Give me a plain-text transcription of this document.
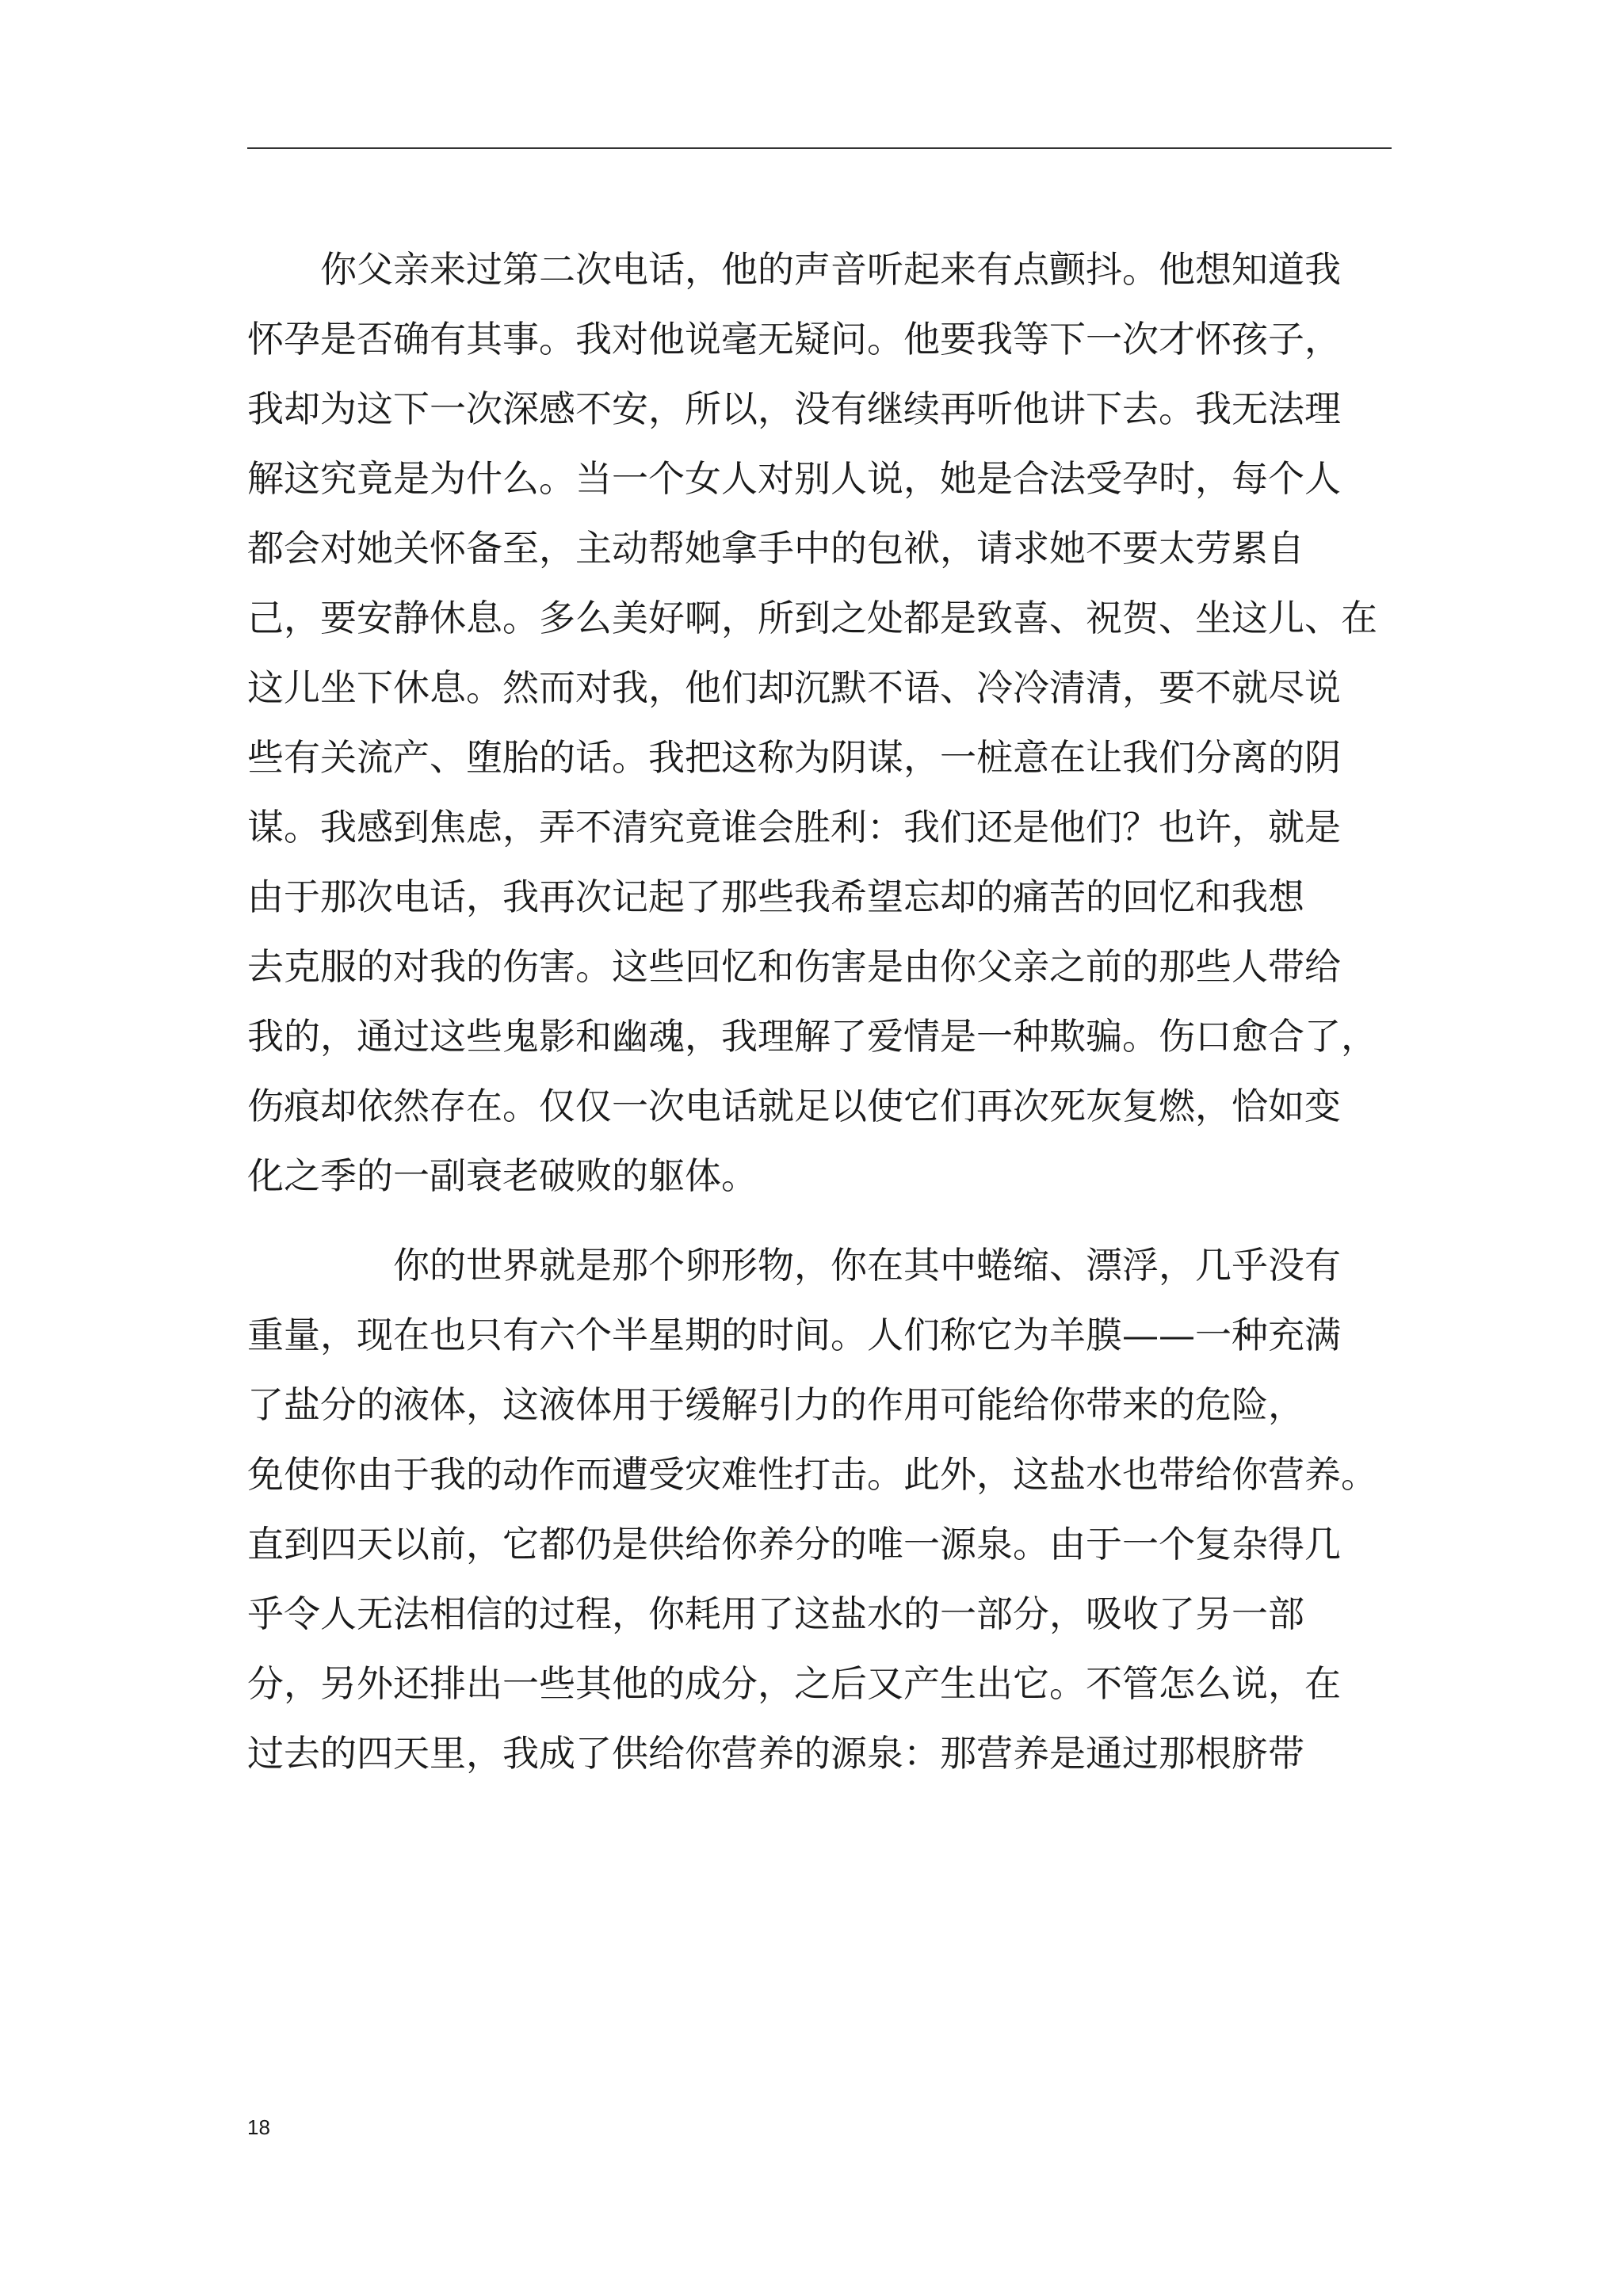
　　你父亲来过第二次电话，他的声音听起来有点颤抖。他想知道我
怀孕是否确有其事。我对他说毫无疑问。他要我等下一次才怀孩子，
我却为这下一次深感不安，所以，没有继续再听他讲下去。我无法理
解这究竟是为什么。当一个女人对别人说，她是合法受孕时，每个人
都会对她关怀备至，主动帮她拿手中的包袱，请求她不要太劳累自
己，要安静休息。多么美好啊，所到之处都是致喜、祝贺、坐这儿、在
这儿坐下休息。然而对我，他们却沉默不语、冷冷清清，要不就尽说
些有关流产、堕胎的话。我把这称为阴谋，一桩意在让我们分离的阴
谋。我感到焦虑，弄不清究竟谁会胜利：我们还是他们？也许，就是
由于那次电话，我再次记起了那些我希望忘却的痛苦的回忆和我想
去克服的对我的伤害。这些回忆和伤害是由你父亲之前的那些人带给
我的，通过这些鬼影和幽魂，我理解了爱情是一种欺骗。伤口愈合了，
伤痕却依然存在。仅仅一次电话就足以使它们再次死灰复燃，恰如变
化之季的一副衰老破败的躯体。
　　　　你的世界就是那个卵形物，你在其中蜷缩、漂浮，几乎没有
重量，现在也只有六个半星期的时间。人们称它为羊膜——一种充满
了盐分的液体，这液体用于缓解引力的作用可能给你带来的危险，
免使你由于我的动作而遭受灾难性打击。此外，这盐水也带给你营养。
直到四天以前，它都仍是供给你养分的唯一源泉。由于一个复杂得几
乎令人无法相信的过程，你耗用了这盐水的一部分，吸收了另一部
分，另外还排出一些其他的成分，之后又产生出它。不管怎么说，在
过去的四天里，我成了供给你营养的源泉：那营养是通过那根脐带
18
